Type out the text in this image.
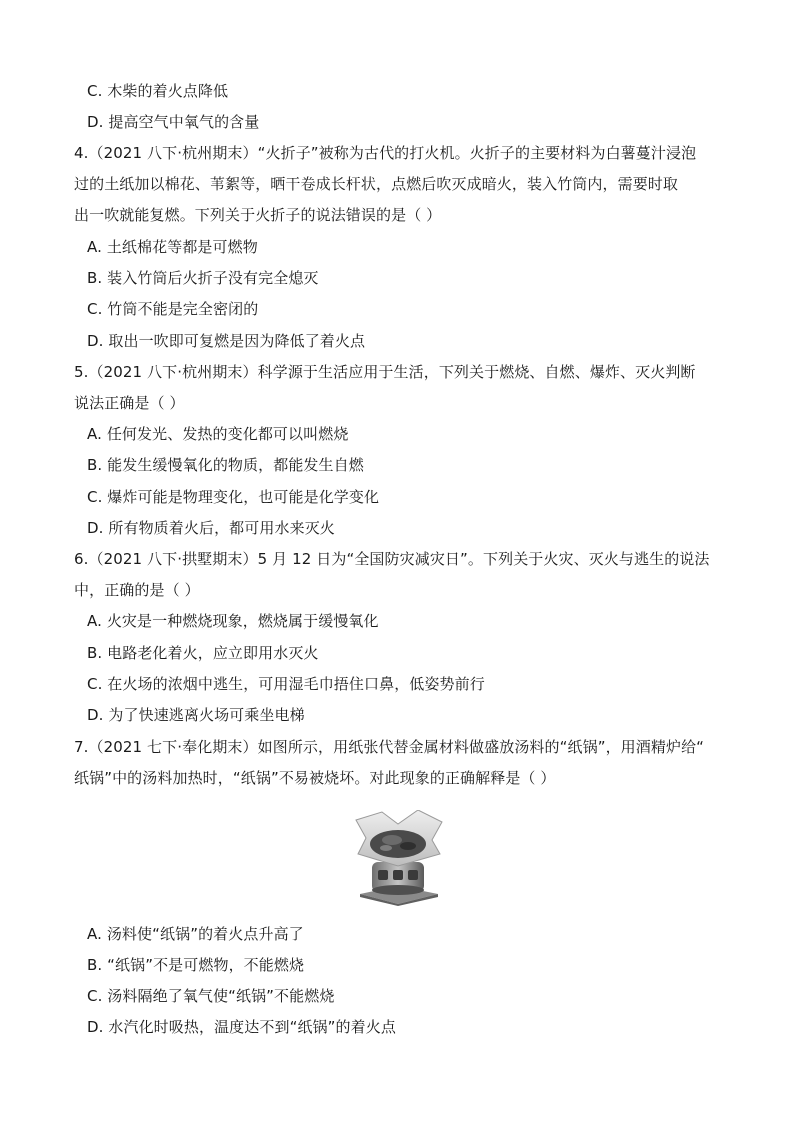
C. 木柴的着火点降低
D. 提高空气中氧气的含量
4.（2021 八下·杭州期末）“火折子”被称为古代的打火机。火折子的主要材料为白薯蔓汁浸泡
过的土纸加以棉花、苇絮等，晒干卷成长杆状，点燃后吹灭成暗火，装入竹筒内，需要时取
出一吹就能复燃。下列关于火折子的说法错误的是（ ）
A. 土纸棉花等都是可燃物
B. 装入竹筒后火折子没有完全熄灭
C. 竹筒不能是完全密闭的
D. 取出一吹即可复燃是因为降低了着火点
5.（2021 八下·杭州期末）科学源于生活应用于生活，下列关于燃烧、自燃、爆炸、灭火判断
说法正确是（ ）
A. 任何发光、发热的变化都可以叫燃烧
B. 能发生缓慢氧化的物质，都能发生自燃
C. 爆炸可能是物理变化，也可能是化学变化
D. 所有物质着火后，都可用水来灭火
6.（2021 八下·拱墅期末）5 月 12 日为“全国防灾减灾日”。下列关于火灾、灭火与逃生的说法
中，正确的是（ ）
A. 火灾是一种燃烧现象，燃烧属于缓慢氧化
B. 电路老化着火，应立即用水灭火
C. 在火场的浓烟中逃生，可用湿毛巾捂住口鼻，低姿势前行
D. 为了快速逃离火场可乘坐电梯
7.（2021 七下·奉化期末）如图所示，用纸张代替金属材料做盛放汤料的“纸锅”，用酒精炉给“
纸锅”中的汤料加热时，“纸锅”不易被烧坏。对此现象的正确解释是（ ）
A. 汤料使“纸锅”的着火点升高了
B. “纸锅”不是可燃物，不能燃烧
C. 汤料隔绝了氧气使“纸锅”不能燃烧
D. 水汽化时吸热，温度达不到“纸锅”的着火点
